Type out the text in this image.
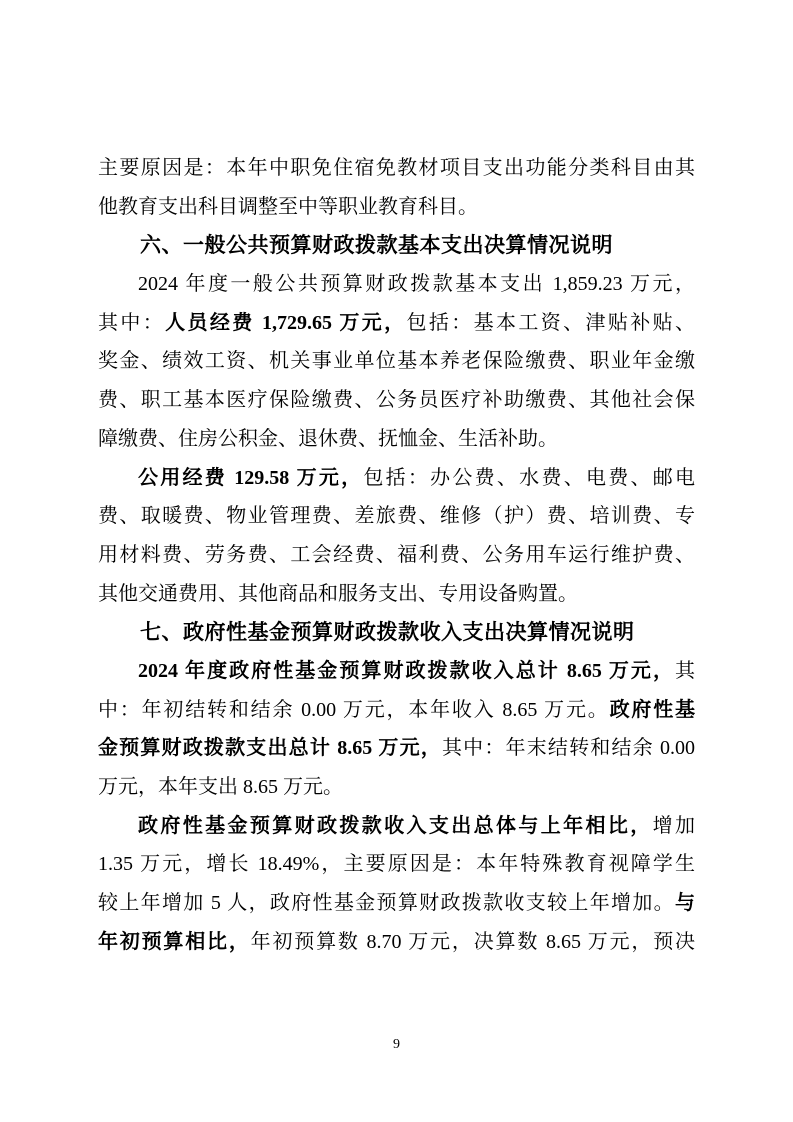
主要原因是：本年中职免住宿免教材项目支出功能分类科目由其
他教育支出科目调整至中等职业教育科目。
六、一般公共预算财政拨款基本支出决算情况说明
2024 年度一般公共预算财政拨款基本支出 1,859.23 万元，
其中：人员经费 1,729.65 万元，包括：基本工资、津贴补贴、
奖金、绩效工资、机关事业单位基本养老保险缴费、职业年金缴
费、职工基本医疗保险缴费、公务员医疗补助缴费、其他社会保
障缴费、住房公积金、退休费、抚恤金、生活补助。
公用经费 129.58 万元，包括：办公费、水费、电费、邮电
费、取暖费、物业管理费、差旅费、维修（护）费、培训费、专
用材料费、劳务费、工会经费、福利费、公务用车运行维护费、
其他交通费用、其他商品和服务支出、专用设备购置。
七、政府性基金预算财政拨款收入支出决算情况说明
2024 年度政府性基金预算财政拨款收入总计 8.65 万元，其
中：年初结转和结余 0.00 万元，本年收入 8.65 万元。政府性基
金预算财政拨款支出总计 8.65 万元，其中：年末结转和结余 0.00
万元，本年支出 8.65 万元。
政府性基金预算财政拨款收入支出总体与上年相比，增加
1.35 万元，增长 18.49%，主要原因是：本年特殊教育视障学生
较上年增加 5 人，政府性基金预算财政拨款收支较上年增加。与
年初预算相比，年初预算数 8.70 万元，决算数 8.65 万元，预决
9
